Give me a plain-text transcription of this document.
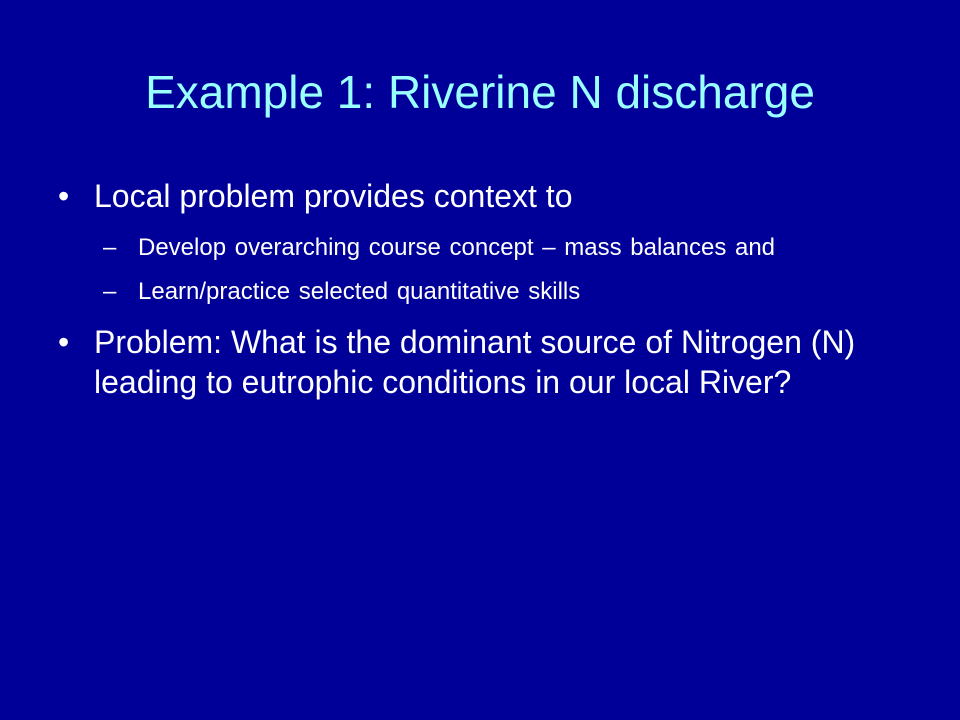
Example 1: Riverine N discharge
• Local problem provides context to
– Develop overarching course concept – mass balances and
– Learn/practice selected quantitative skills
• Problem: What is the dominant source of Nitrogen (N) leading to eutrophic conditions in our local River?
